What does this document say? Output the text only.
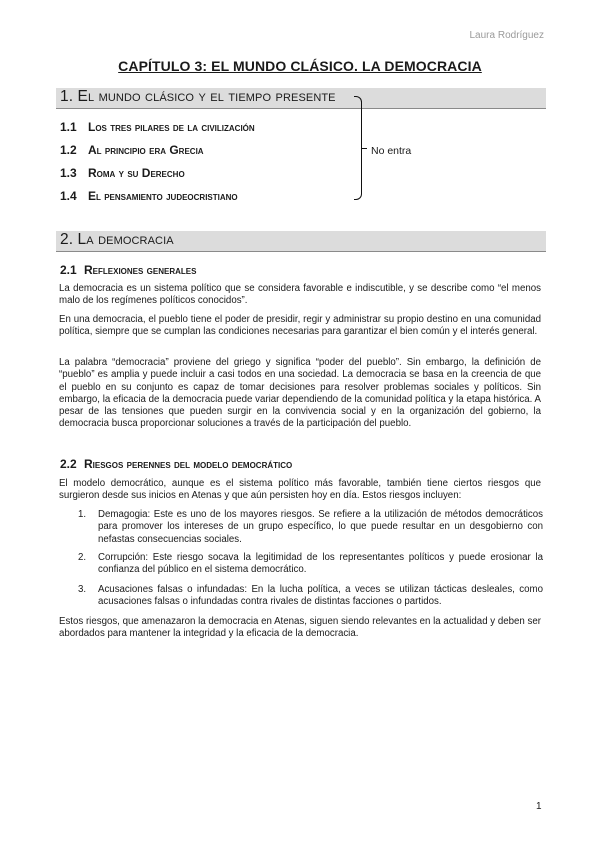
Laura Rodríguez
CAPÍTULO 3: EL MUNDO CLÁSICO. LA DEMOCRACIA
1. El mundo clásico y el tiempo presente
1.1 Los tres pilares de la civilización
1.2 Al principio era Grecia
1.3 Roma y su Derecho
1.4 El pensamiento judeocristiano
No entra
2. La democracia
2.1 Reflexiones generales

La democracia es un sistema político que se considera favorable e indiscutible, y se describe como “el menos malo de los regímenes políticos conocidos”.

En una democracia, el pueblo tiene el poder de presidir, regir y administrar su propio destino en una comunidad política, siempre que se cumplan las condiciones necesarias para garantizar el bien común y el interés general.

La palabra “democracia” proviene del griego y significa “poder del pueblo”. Sin embargo, la definición de “pueblo” es amplia y puede incluir a casi todos en una sociedad. La democracia se basa en la creencia de que el pueblo en su conjunto es capaz de tomar decisiones para resolver problemas sociales y políticos. Sin embargo, la eficacia de la democracia puede variar dependiendo de la comunidad política y la etapa histórica. A pesar de las tensiones que pueden surgir en la convivencia social y en la organización del gobierno, la democracia busca proporcionar soluciones a través de la participación del pueblo.

2.2 Riesgos perennes del modelo democrático

El modelo democrático, aunque es el sistema político más favorable, también tiene ciertos riesgos que surgieron desde sus inicios en Atenas y que aún persisten hoy en día. Estos riesgos incluyen:

1.	Demagogia: Este es uno de los mayores riesgos. Se refiere a la utilización de métodos democráticos para promover los intereses de un grupo específico, lo que puede resultar en un desgobierno con nefastas consecuencias sociales.
2.	Corrupción: Este riesgo socava la legitimidad de los representantes políticos y puede erosionar la confianza del público en el sistema democrático.
3.	Acusaciones falsas o infundadas: En la lucha política, a veces se utilizan tácticas desleales, como acusaciones falsas o infundadas contra rivales de distintas facciones o partidos.

Estos riesgos, que amenazaron la democracia en Atenas, siguen siendo relevantes en la actualidad y deben ser abordados para mantener la integridad y la eficacia de la democracia.

1
